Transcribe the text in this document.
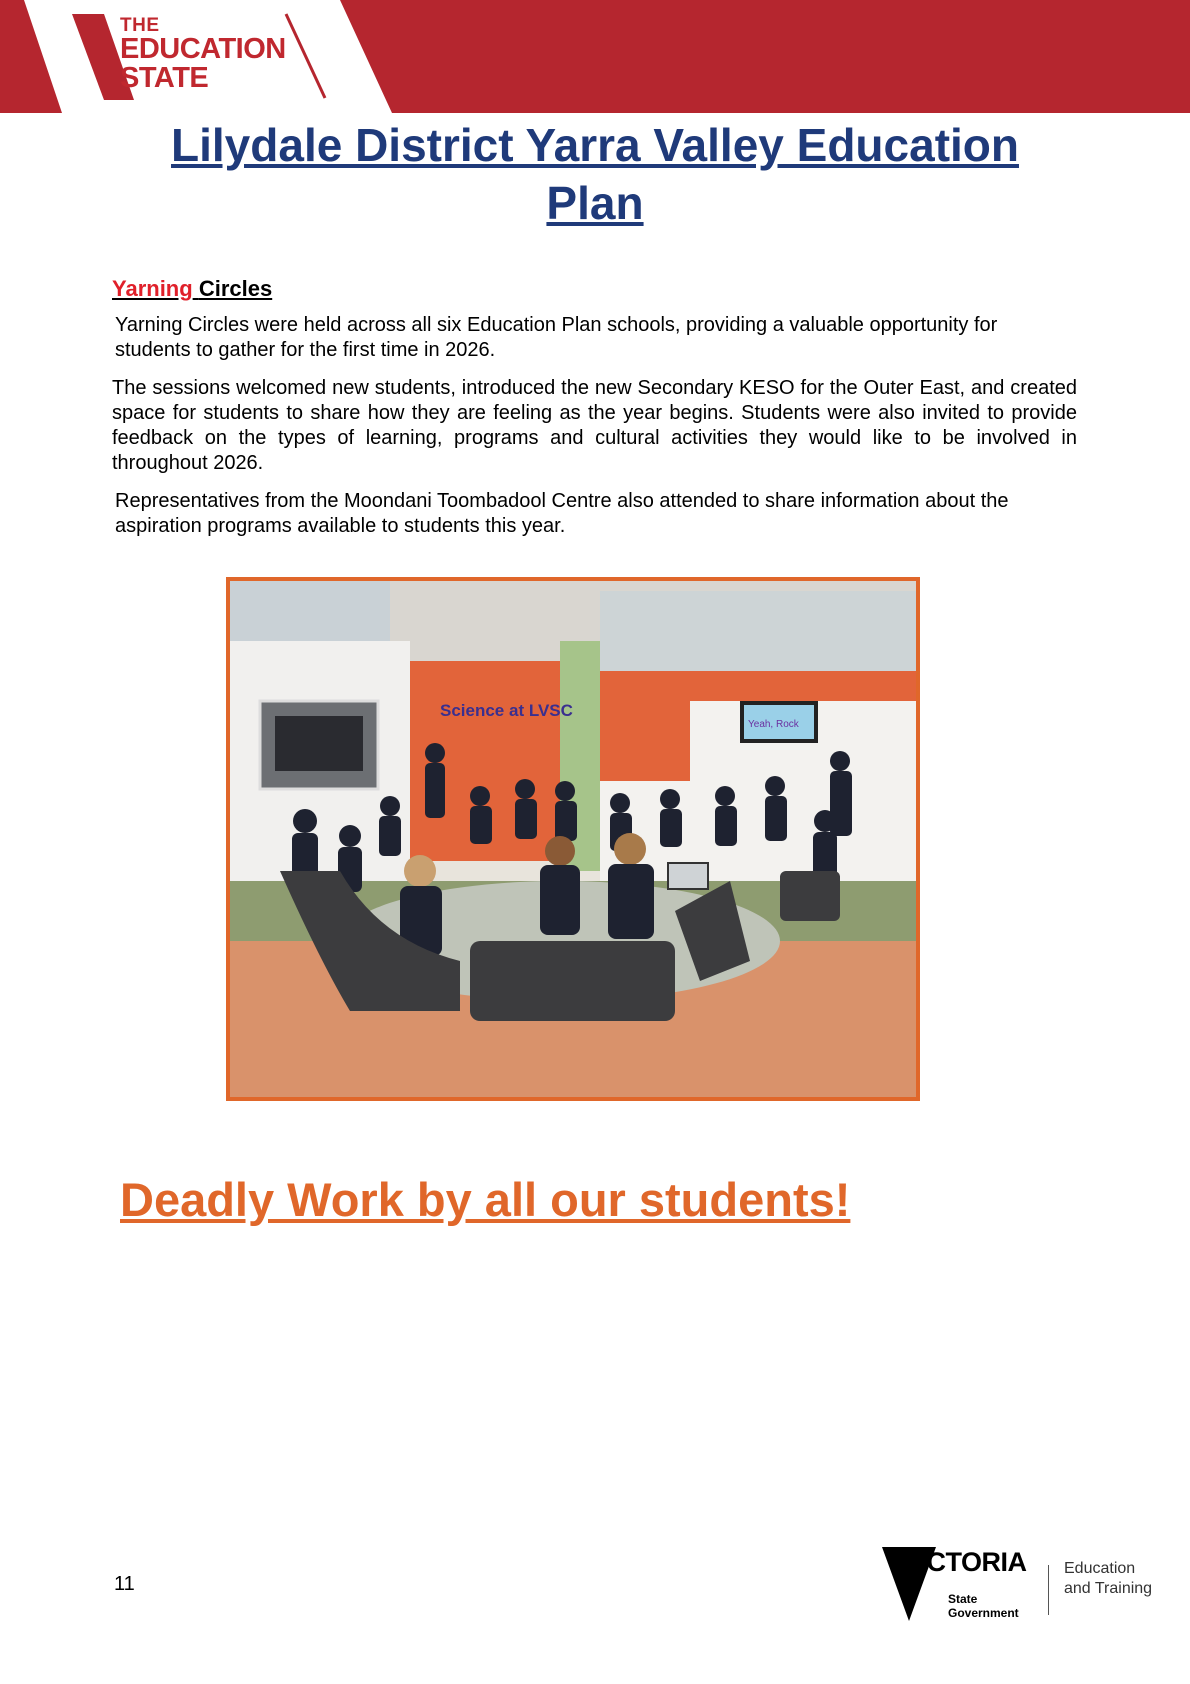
THE
EDUCATION
STATE
Lilydale District Yarra Valley Education Plan
Yarning Circles

Yarning Circles were held across all six Education Plan schools, providing a valuable opportunity for students to gather for the first time in 2026.

The sessions welcomed new students, introduced the new Secondary KESO for the Outer East, and created space for students to share how they are feeling as the year begins. Students were also invited to provide feedback on the types of learning, programs and cultural activities they would like to be involved in throughout 2026.

Representatives from the Moondani Toombadool Centre also attended to share information about the aspiration programs available to students this year.

Science at LVSC
Yeah, Rock
Deadly Work by all our students!
11
VICTORIA
State
Government
Education
and Training
